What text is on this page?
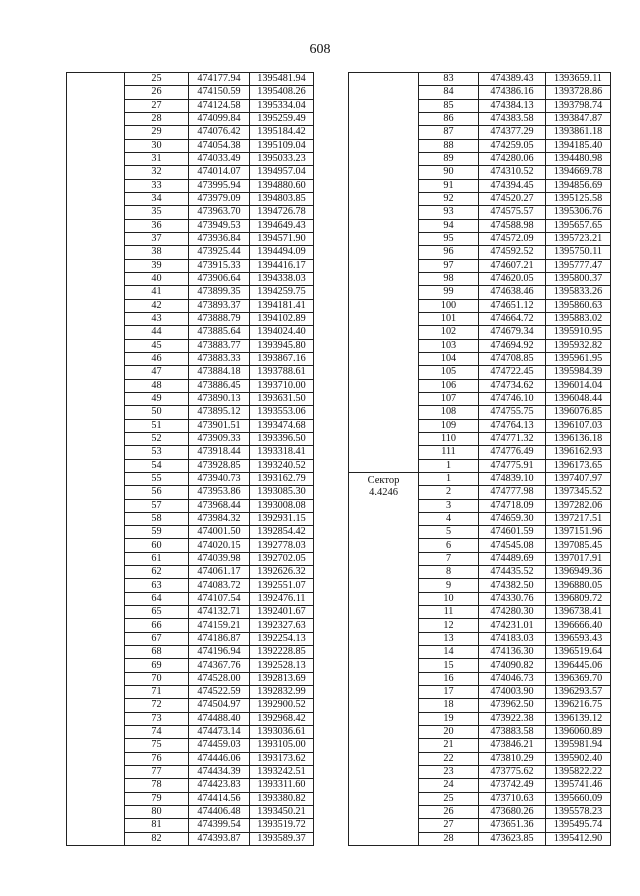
608
	25	474177.94	1395481.94
	26	474150.59	1395408.26
	27	474124.58	1395334.04
	28	474099.84	1395259.49
	29	474076.42	1395184.42
	30	474054.38	1395109.04
	31	474033.49	1395033.23
	32	474014.07	1394957.04
	33	473995.94	1394880.60
	34	473979.09	1394803.85
	35	473963.70	1394726.78
	36	473949.53	1394649.43
	37	473936.84	1394571.90
	38	473925.44	1394494.09
	39	473915.33	1394416.17
	40	473906.64	1394338.03
	41	473899.35	1394259.75
	42	473893.37	1394181.41
	43	473888.79	1394102.89
	44	473885.64	1394024.40
	45	473883.77	1393945.80
	46	473883.33	1393867.16
	47	473884.18	1393788.61
	48	473886.45	1393710.00
	49	473890.13	1393631.50
	50	473895.12	1393553.06
	51	473901.51	1393474.68
	52	473909.33	1393396.50
	53	473918.44	1393318.41
	54	473928.85	1393240.52
	55	473940.73	1393162.79
	56	473953.86	1393085.30
	57	473968.44	1393008.08
	58	473984.32	1392931.15
	59	474001.50	1392854.42
	60	474020.15	1392778.03
	61	474039.98	1392702.05
	62	474061.17	1392626.32
	63	474083.72	1392551.07
	64	474107.54	1392476.11
	65	474132.71	1392401.67
	66	474159.21	1392327.63
	67	474186.87	1392254.13
	68	474196.94	1392228.85
	69	474367.76	1392528.13
	70	474528.00	1392813.69
	71	474522.59	1392832.99
	72	474504.97	1392900.52
	73	474488.40	1392968.42
	74	474473.14	1393036.61
	75	474459.03	1393105.00
	76	474446.06	1393173.62
	77	474434.39	1393242.51
	78	474423.83	1393311.60
	79	474414.56	1393380.82
	80	474406.48	1393450.21
	81	474399.54	1393519.72
	82	474393.87	1393589.37
	83	474389.43	1393659.11
	84	474386.16	1393728.86
	85	474384.13	1393798.74
	86	474383.58	1393847.87
	87	474377.29	1393861.18
	88	474259.05	1394185.40
	89	474280.06	1394480.98
	90	474310.52	1394669.78
	91	474394.45	1394856.69
	92	474520.27	1395125.58
	93	474575.57	1395306.76
	94	474588.98	1395657.65
	95	474572.09	1395723.21
	96	474592.52	1395750.11
	97	474607.21	1395777.47
	98	474620.05	1395800.37
	99	474638.46	1395833.26
	100	474651.12	1395860.63
	101	474664.72	1395883.02
	102	474679.34	1395910.95
	103	474694.92	1395932.82
	104	474708.85	1395961.95
	105	474722.45	1395984.39
	106	474734.62	1396014.04
	107	474746.10	1396048.44
	108	474755.75	1396076.85
	109	474764.13	1396107.03
	110	474771.32	1396136.18
	111	474776.49	1396162.93
	1	474775.91	1396173.65

Сектор
4.4246	1	474839.10	1397407.97
	2	474777.98	1397345.52
	3	474718.09	1397282.06
	4	474659.30	1397217.51
	5	474601.59	1397151.96
	6	474545.08	1397085.45
	7	474489.69	1397017.91
	8	474435.52	1396949.36
	9	474382.50	1396880.05
	10	474330.76	1396809.72
	11	474280.30	1396738.41
	12	474231.01	1396666.40
	13	474183.03	1396593.43
	14	474136.30	1396519.64
	15	474090.82	1396445.06
	16	474046.73	1396369.70
	17	474003.90	1396293.57
	18	473962.50	1396216.75
	19	473922.38	1396139.12
	20	473883.58	1396060.89
	21	473846.21	1395981.94
	22	473810.29	1395902.40
	23	473775.62	1395822.22
	24	473742.49	1395741.46
	25	473710.63	1395660.09
	26	473680.26	1395578.23
	27	473651.36	1395495.74
	28	473623.85	1395412.90
